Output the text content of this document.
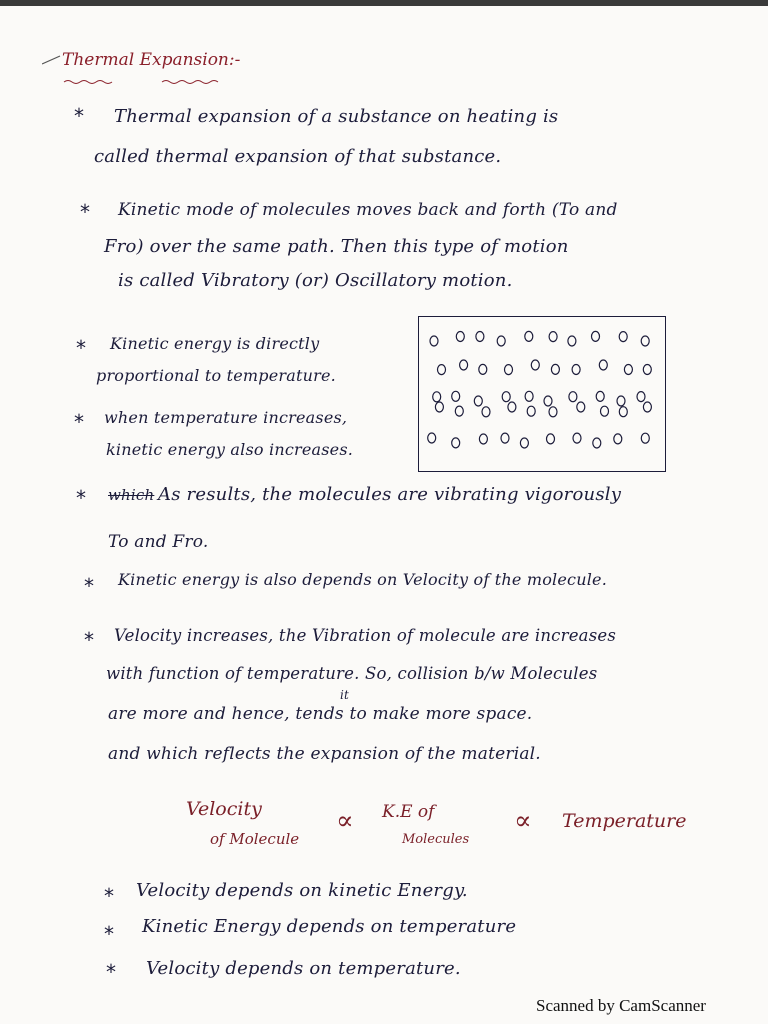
Thermal Expansion:-
* Thermal expansion of a substance on heating is
called thermal expansion of that substance.
* Kinetic mode of molecules moves back and forth (To and
Fro) over the same path. Then this type of motion
is called Vibratory (or) Oscillatory motion.
* Kinetic energy is directly
proportional to temperature.
* when temperature increases,
kinetic energy also increases.
* which As results, the molecules are vibrating vigorously
To and Fro.
* Kinetic energy is also depends on Velocity of the molecule.
* Velocity increases, the Vibration of molecule are increases
with function of temperature. So, collision b/w Molecules
it
are more and hence, tends to make more space.
and which reflects the expansion of the material.
Velocity
of Molecule
∝ K.E of
Molecules
∝ Temperature
* Velocity depends on kinetic Energy.
* Kinetic Energy depends on temperature
* Velocity depends on temperature.
Scanned by CamScanner
